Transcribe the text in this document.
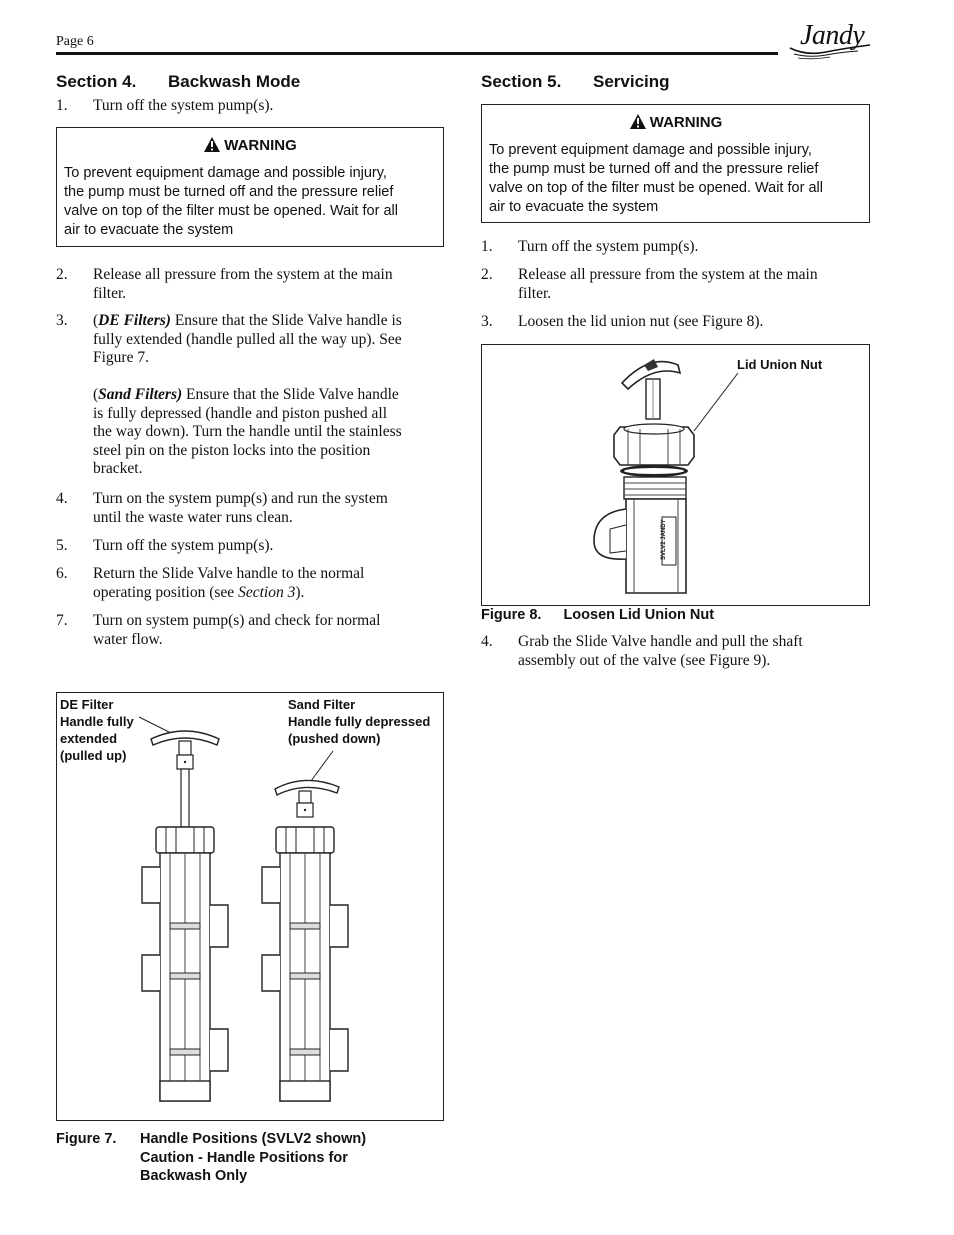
Page 6	Jandy
Section 4. Backwash Mode
1. Turn off the system pump(s).
WARNING
To prevent equipment damage and possible injury,
the pump must be turned off and the pressure relief
valve on top of the filter must be opened. Wait for all
air to evacuate the system
2. Release all pressure from the system at the main
filter.
3. (DE Filters) Ensure that the Slide Valve handle is
fully extended (handle pulled all the way up). See
Figure 7.

(Sand Filters) Ensure that the Slide Valve handle
is fully depressed (handle and piston pushed all
the way down). Turn the handle until the stainless
steel pin on the piston locks into the position
bracket.
4. Turn on the system pump(s) and run the system
until the waste water runs clean.
5. Turn off the system pump(s).
6. Return the Slide Valve handle to the normal
operating position (see Section 3).
7. Turn on system pump(s) and check for normal
water flow.
DE Filter
Handle fully
extended
(pulled up)
Sand Filter
Handle fully depressed
(pushed down)
Figure 7. Handle Positions (SVLV2 shown)
Caution - Handle Positions for
Backwash Only
Section 5. Servicing
WARNING
To prevent equipment damage and possible injury,
the pump must be turned off and the pressure relief
valve on top of the filter must be opened. Wait for all
air to evacuate the system
1. Turn off the system pump(s).
2. Release all pressure from the system at the main
filter.
3. Loosen the lid union nut (see Figure 8).
Lid Union Nut
SVLV2 JANDY
Figure 8. Loosen Lid Union Nut
4. Grab the Slide Valve handle and pull the shaft
assembly out of the valve (see Figure 9).
